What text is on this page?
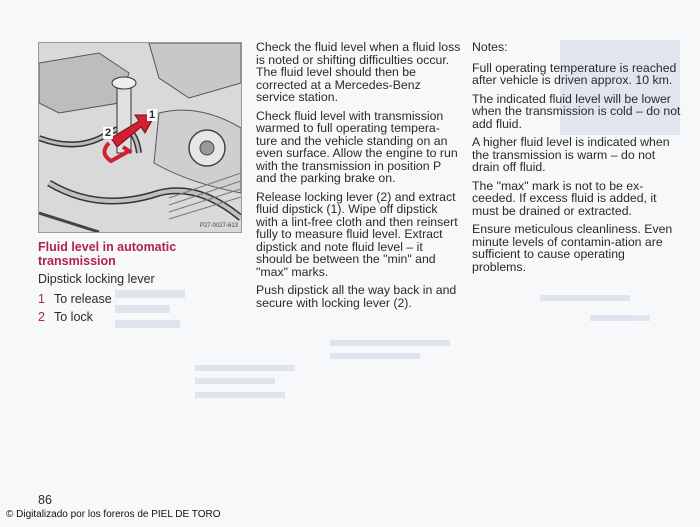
1
2
P27-0027-613
Fluid level in automatic transmission
Dipstick locking lever
1 To release
2 To lock

Check the fluid level when a fluid loss is noted or shifting difficulties occur. The fluid level should then be corrected at a Mercedes-Benz service station.

Check fluid level with transmission warmed to full operating tempera-ture and the vehicle standing on an even surface. Allow the engine to run with the transmission in position P and the parking brake on.

Release locking lever (2) and extract fluid dipstick (1). Wipe off dipstick with a lint-free cloth and then reinsert fully to measure fluid level. Extract dipstick and note fluid level – it should be between the "min" and "max" marks.

Push dipstick all the way back in and secure with locking lever (2).

Notes:

Full operating temperature is reached after vehicle is driven approx. 10 km.

The indicated fluid level will be lower when the transmission is cold – do not add fluid.

A higher fluid level is indicated when the transmission is warm – do not drain off fluid.

The "max" mark is not to be ex-ceeded. If excess fluid is added, it must be drained or extracted.

Ensure meticulous cleanliness. Even minute levels of contamin-ation are sufficient to cause operating problems.

86
© Digitalizado por los foreros de PIEL DE TORO
